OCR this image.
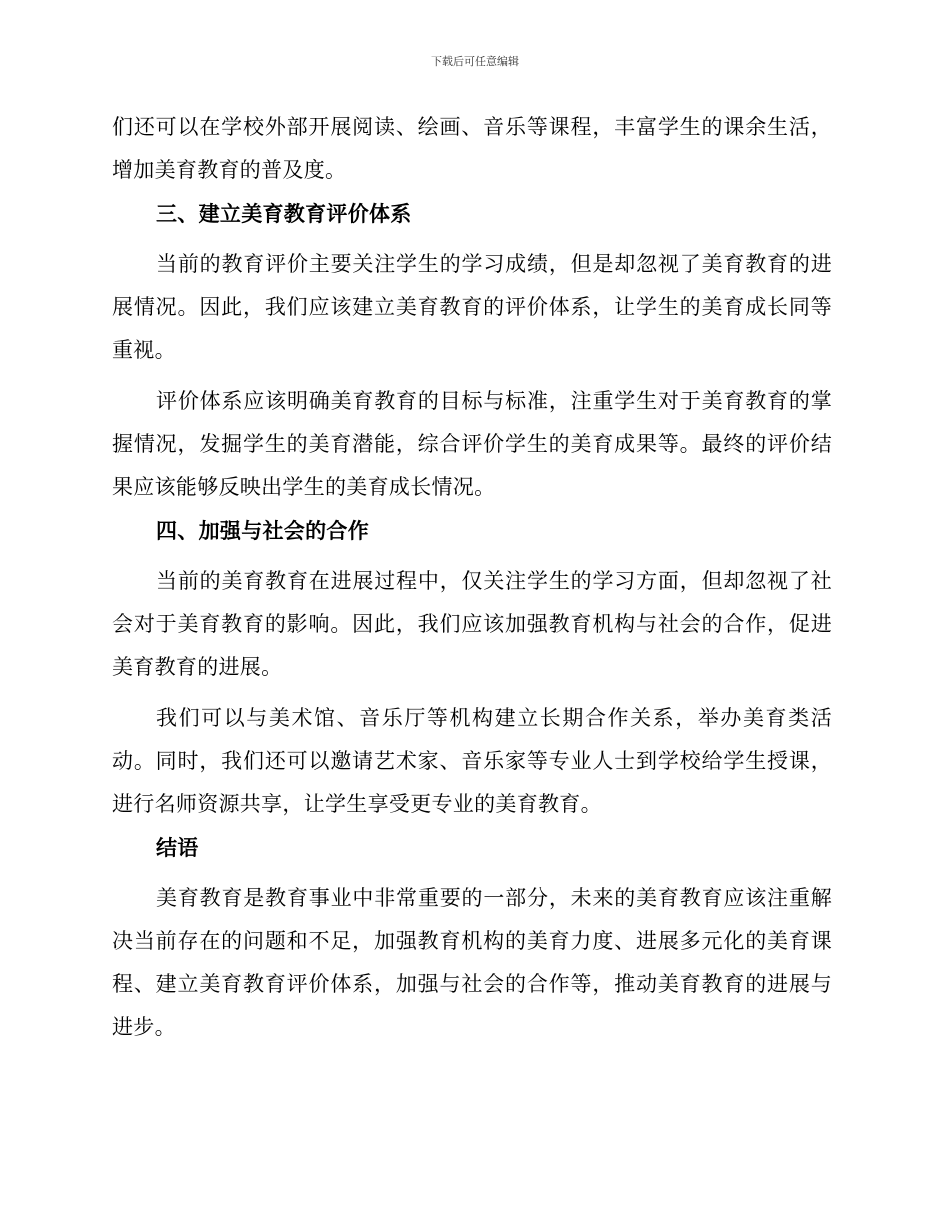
下载后可任意编辑

们还可以在学校外部开展阅读、绘画、音乐等课程，丰富学生的课余生活，增加美育教育的普及度。

三、建立美育教育评价体系

当前的教育评价主要关注学生的学习成绩，但是却忽视了美育教育的进展情况。因此，我们应该建立美育教育的评价体系，让学生的美育成长同等重视。

评价体系应该明确美育教育的目标与标准，注重学生对于美育教育的掌握情况，发掘学生的美育潜能，综合评价学生的美育成果等。最终的评价结果应该能够反映出学生的美育成长情况。

四、加强与社会的合作

当前的美育教育在进展过程中，仅关注学生的学习方面，但却忽视了社会对于美育教育的影响。因此，我们应该加强教育机构与社会的合作，促进美育教育的进展。

我们可以与美术馆、音乐厅等机构建立长期合作关系，举办美育类活动。同时，我们还可以邀请艺术家、音乐家等专业人士到学校给学生授课，进行名师资源共享，让学生享受更专业的美育教育。

结语

美育教育是教育事业中非常重要的一部分，未来的美育教育应该注重解决当前存在的问题和不足，加强教育机构的美育力度、进展多元化的美育课程、建立美育教育评价体系，加强与社会的合作等，推动美育教育的进展与进步。
